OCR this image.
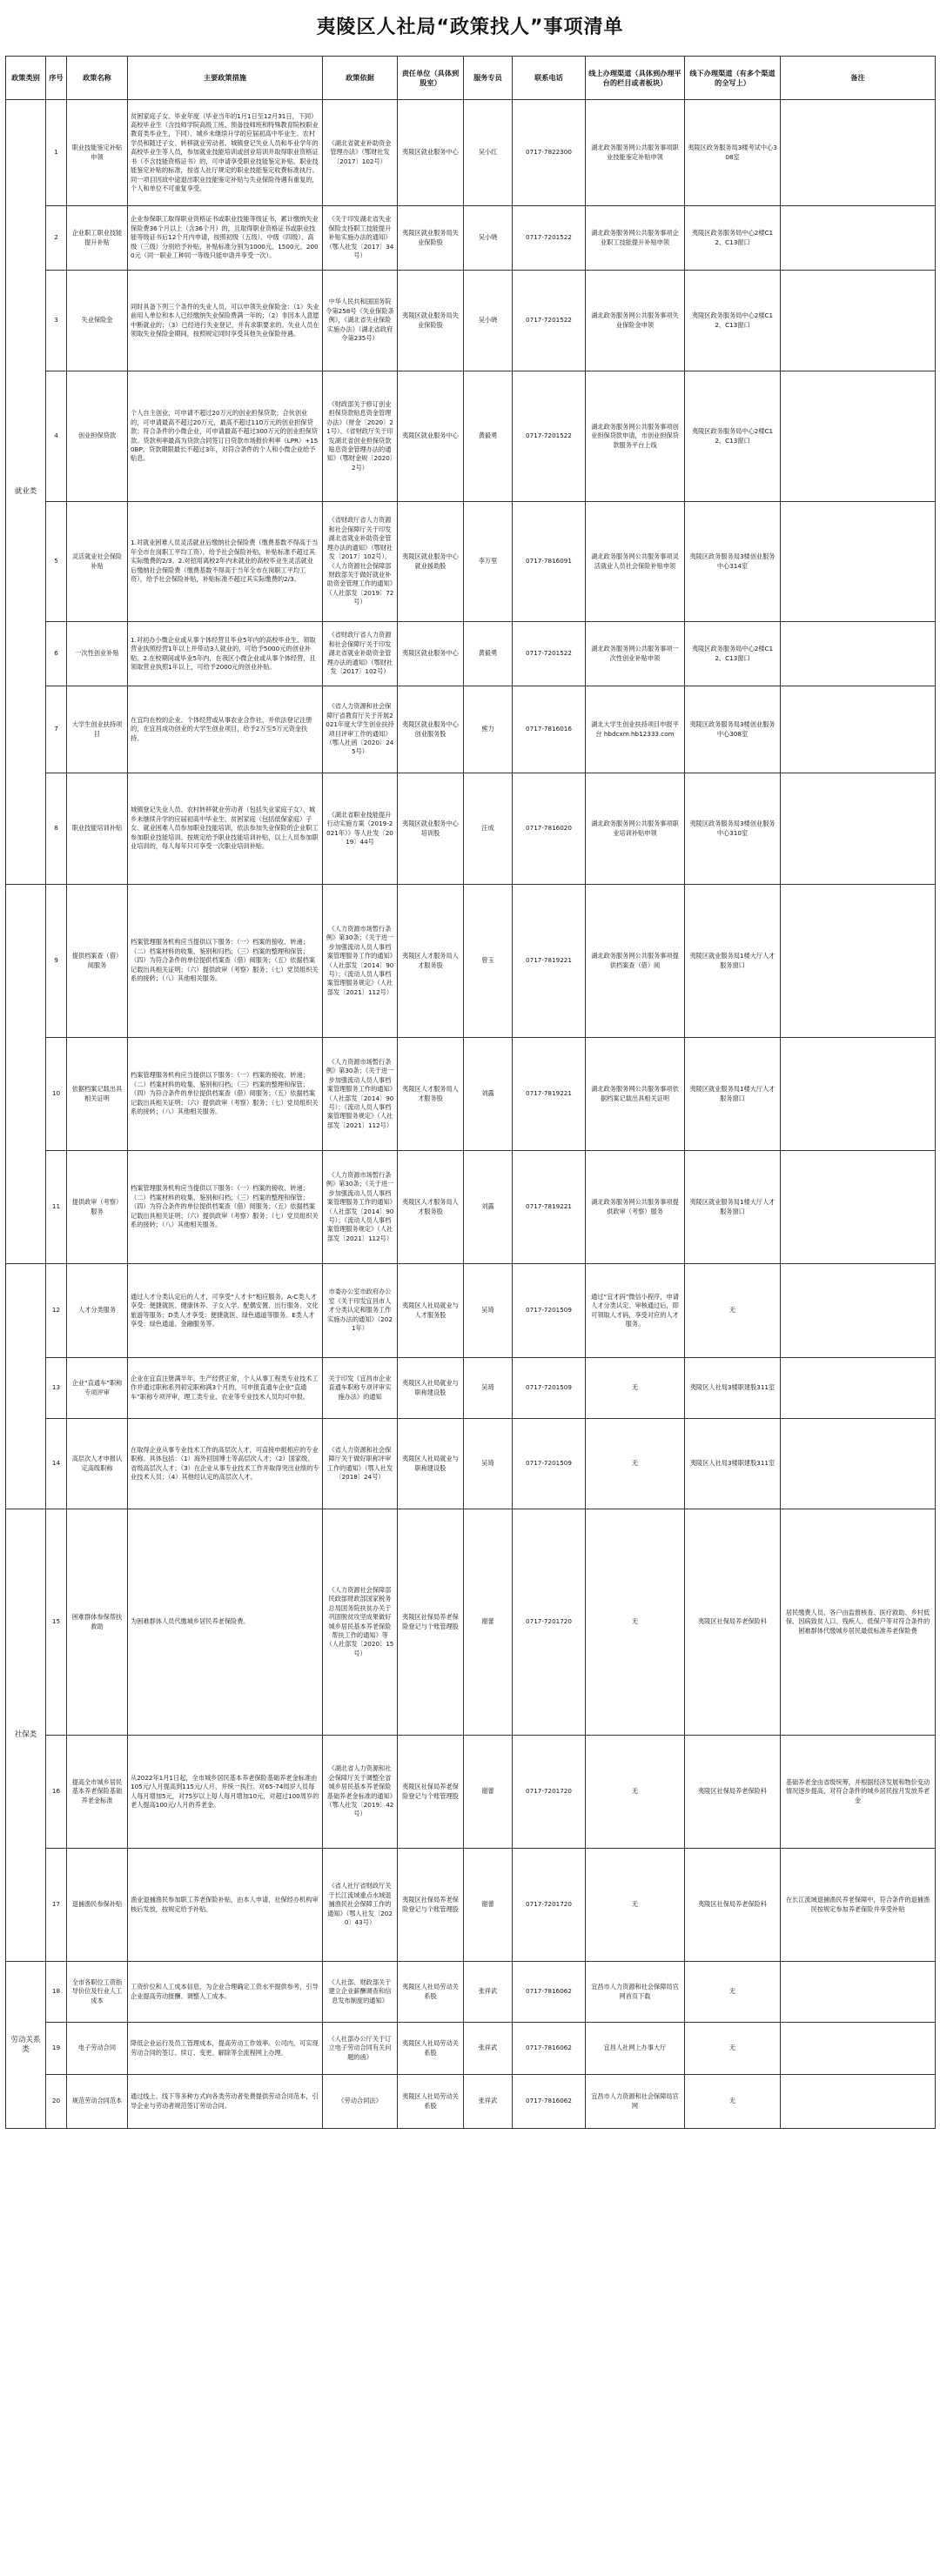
夷陵区人社局“政策找人”事项清单
政策类别	序号	政策名称	主要政策措施	政策依据	责任单位（具体到股室）	服务专员	联系电话	线上办理渠道（具体到办理平台的栏目或者板块）	线下办理渠道（有多个渠道的全写上）	备注
就业类	1	职业技能鉴定补贴申领	贫困家庭子女、毕业年度（毕业当年的1月1日至12月31日，下同）高校毕业生（含技师学院高级工班、预备技师班和特殊教育院校职业教育类毕业生，下同）、城乡未继续升学的应届初高中毕业生、农村学员和随迁子女、转移就业劳动者、城镇登记失业人员和毕业学年的高校毕业生等人员，参加就业技能培训或创业培训并取得职业资格证书（不含技能资格证书）的，可申请享受职业技能鉴定补贴。职业技能鉴定补贴的标准，按省人社厅规定的职业技能鉴定收费标准执行。同一项目因故中途退出职业技能鉴定补贴与失业保险待遇有重复的，个人和单位不可重复享受。	《湖北省就业补助资金管理办法》（鄂财社发〔2017〕102号）	夷陵区就业服务中心	吴小红	0717-7822300	湖北政务服务网公共服务事项职业技能鉴定补贴申领	夷陵区政务服务局3楼考试中心308室	
	2	企业职工职业技能提升补贴	企业参保职工取得职业资格证书或职业技能等级证书，累计缴纳失业保险费36个月以上（含36个月）的，且取得职业资格证书或职业技能等级证书后12个月内申请，按照初级（五级）、中级（四级）、高级（三级）分别给予补贴，补贴标准分别为1000元、1500元、2000元（同一职业工种同一等级只能申请并享受一次）。	《关于印发湖北省失业保险支持职工技能提升补贴实施办法的通知》（鄂人社发〔2017〕34号）	夷陵区就业服务局失业保险股	吴小晓	0717-7201522	湖北政务服务网公共服务事项企业职工技能提升补贴申领	夷陵区政务服务局中心2楼C12、C13窗口	
	3	失业保险金	同时具备下列三个条件的失业人员，可以申领失业保险金：（1）失业前用人单位和本人已经缴纳失业保险费满一年的；（2）非因本人意愿中断就业的；（3）已经进行失业登记，并有求职要求的。失业人员在领取失业保险金期间，按照规定同时享受其他失业保险待遇。	中华人民共和国国务院令第258号《失业保险条例》，《湖北省失业保险实施办法》（湖北省政府令第235号）	夷陵区就业服务局失业保险股	吴小晓	0717-7201522	湖北政务服务网公共服务事项失业保险金申领	夷陵区政务服务局中心2楼C12、C13窗口	
	4	创业担保贷款	个人自主创业，可申请不超过20万元的创业担保贷款；合伙创业的，可申请最高不超过20万元，最高不超过110万元的创业担保贷款；符合条件的小微企业，可申请最高不超过300万元的创业担保贷款。贷款利率最高为贷款合同签订日贷款市场报价利率（LPR）+150BP，贷款期限最长不超过3年，对符合条件的个人和小微企业给予贴息。	《财政部关于修订创业担保贷款贴息资金管理办法》（财金〔2020〕21号）、《省财政厅关于印发湖北省创业担保贷款贴息资金管理办法的通知》（鄂财金规〔2020〕2号）	夷陵区就业服务中心	黄毅勇	0717-7201522	湖北政务服务网公共服务事项创业担保贷款申请，市创业担保贷款服务平台上线	夷陵区政务服务局中心2楼C12、C13窗口	
	5	灵活就业社会保险补贴	1.对就业困难人员灵活就业后缴纳社会保险费（缴费基数不得高于当年全市在岗职工平均工资），给予社会保险补贴，补贴标准不超过其实际缴费的2/3。2.对招用离校2年内未就业的高校毕业生灵活就业后缴纳社会保险费（缴费基数不得高于当年全市在岗职工平均工资），给予社会保险补贴，补贴标准不超过其实际缴费的2/3。	《省财政厅省人力资源和社会保障厅关于印发湖北省就业补助资金管理办法的通知》（鄂财社发〔2017〕102号），《人力资源社会保障部财政部关于做好就业补助资金管理工作的通知》（人社部发〔2019〕72号）	夷陵区就业服务中心就业援助股	李万里	0717-7816091	湖北政务服务网公共服务事项灵活就业人员社会保险补贴申领	夷陵区政务服务局3楼创业服务中心314室	
	6	一次性创业补贴	1.对初办小微企业或从事个体经营且毕业5年内的高校毕业生、领取营业执照经营1年以上并带动3人就业的，可给予5000元的创业补贴。2.在校期间或毕业5年内，在我区小微企业或从事个体经营，且领取营业执照1年以上，可给予2000元的创业补贴。	《省财政厅省人力资源和社会保障厅关于印发湖北省就业补助资金管理办法的通知》（鄂财社发〔2017〕102号）	夷陵区就业服务中心	黄毅勇	0717-7201522	湖北政务服务网公共服务事项一次性创业补贴申领	夷陵区政务服务局中心2楼C12、C13窗口	
	7	大学生创业扶持项目	在宜均在校的企业、个体经营或从事农业合作社、并依法登记注册的，在宜昌成功创业的大学生创业项目，给予2万至5万元资金扶持。	《省人力资源和社会保障厅省教育厅关于开展2021年度大学生创业扶持项目评审工作的通知》（鄂人社函〔2020〕245号）	夷陵区就业服务中心创业服务股	熊力	0717-7816016	湖北大学生创业扶持项目申报平台 hbdcxm.hb12333.com	夷陵区政务服务局3楼创业服务中心308室	
	8	职业技能培训补贴	城镇登记失业人员、农村转移就业劳动者（包括失业家庭子女）、城乡未继续升学的应届初高中毕业生、贫困家庭（包括低保家庭）子女、就业困难人员参加职业技能培训，依法参加失业保险的企业职工参加职业技能培训。按规定给予职业技能培训补贴，以上人员参加职业培训的，每人每年只可享受一次职业培训补贴。	《湖北省职业技能提升行动实施方案（2019-2021年）》等人社发〔2019〕44号	夷陵区就业服务中心培训股	汪成	0717-7816020	湖北政务服务网公共服务事项职业培训补贴申领	夷陵区政务服务局3楼创业服务中心310室	
	9	提供档案查（借）阅服务	档案管理服务机构应当提供以下服务：（一）档案的接收、转递；（二）档案材料的收集、鉴别和归档；（三）档案的整理和保管；（四）为符合条件的单位提供档案查（借）阅服务；（五）依据档案记载出具相关证明；（六）提供政审（考察）服务；（七）党员组织关系的接转；（八）其他相关服务。	《人力资源市场暂行条例》第30条；《关于进一步加强流动人员人事档案管理服务工作的通知》（人社部发〔2014〕90号）；《流动人员人事档案管理服务规定》（人社部发〔2021〕112号）	夷陵区人才服务局人才服务股	曾玉	0717-7819221	湖北政务服务网公共服务事项提供档案查（借）阅	夷陵区就业服务局1楼大厅人才服务窗口	
	10	依据档案记载出具相关证明	档案管理服务机构应当提供以下服务：（一）档案的接收、转递；（二）档案材料的收集、鉴别和归档；（三）档案的整理和保管；（四）为符合条件的单位提供档案查（借）阅服务；（五）依据档案记载出具相关证明；（六）提供政审（考察）服务；（七）党员组织关系的接转；（八）其他相关服务。	《人力资源市场暂行条例》第30条；《关于进一步加强流动人员人事档案管理服务工作的通知》（人社部发〔2014〕90号）；《流动人员人事档案管理服务规定》（人社部发〔2021〕112号）	夷陵区人才服务局人才服务股	刘露	0717-7819221	湖北政务服务网公共服务事项依据档案记载出具相关证明	夷陵区就业服务局1楼大厅人才服务窗口	
	11	提供政审（考察）服务	档案管理服务机构应当提供以下服务：（一）档案的接收、转递；（二）档案材料的收集、鉴别和归档；（三）档案的整理和保管；（四）为符合条件的单位提供档案查（借）阅服务；（五）依据档案记载出具相关证明；（六）提供政审（考察）服务；（七）党员组织关系的接转；（八）其他相关服务。	《人力资源市场暂行条例》第30条；《关于进一步加强流动人员人事档案管理服务工作的通知》（人社部发〔2014〕90号）；《流动人员人事档案管理服务规定》（人社部发〔2021〕112号）	夷陵区人才服务局人才服务股	刘露	0717-7819221	湖北政务服务网公共服务事项提供政审（考察）服务	夷陵区就业服务局1楼大厅人才服务窗口	
	12	人才分类服务	通过人才分类认定后的人才，可享受“人才卡”相应服务。A-C类人才享受：便捷就医、健康休养、子女入学、配偶安置、出行服务、文化旅游等服务；D类人才享受：便捷就医、绿色通道等服务。E类人才享受：绿色通道、金融服务等。	市委办公室市政府办公室《关于印发宜昌市人才分类认定和服务工作实施办法的通知》（2021年）	夷陵区人社局就业与人才服务股	吴琦	0717-7201509	通过“宜才码”微信小程序，申请人才分类认定、审核通过后，即可领取人才码，享受对应的人才服务。	无	
	13	企业“直通车”职称专项评审	企业在宜直注册满半年，生产经营正常，个人从事工程类专业技术工作并通过职称系列初定职称满3个月的，可申报直通车企业“直通车”职称专项评审，理工类专业、农业等专业技术人员均可申报。	关于印发《宜昌市企业直通车职称专项评审实施办法》的通知	夷陵区人社局就业与职称建设股	吴琦	0717-7201509	无	夷陵区人社局3楼职建股311室	
	14	高层次人才申报认定高级职称	在取得企业从事专业技术工作的高层次人才，可直接申报相应的专业职称。具体包括：（1）海外回国博士等高层次人才；（2）国家级、省级高层次人才；（3）在企业从事专业技术工作并取得突出业绩的专业技术人员；（4）其他经认定的高层次人才。	《省人力资源和社会保障厅关于做好职称评审工作的通知》（鄂人社发〔2018〕24号）	夷陵区人社局就业与职称建设股	吴琦	0717-7201509	无	夷陵区人社局3楼职建股311室	
社保类	15	困难群体参保帮扶救助	为困难群体人员代缴城乡居民养老保险费。	《人力资源社会保障部民政部财政部国家税务总局国务院扶贫办关于巩固脱贫攻坚成果做好城乡居民基本养老保险帮扶工作的通知》等（人社部发〔2020〕15号）	夷陵区社保局养老保险登记与个账管理股	谢蕾	0717-7201720	无	夷陵区社保局养老保险科	居民缴费人员、各户由监督核查、医疗救助、乡村低保、因病致贫人口、残疾人、低保户等对符合条件的困难群体代缴城乡居民最低标准养老保险费
	16	提高全市城乡居民基本养老保险基础养老金标准	从2022年1月1日起，全市城乡居民基本养老保险基础养老金标准由105元/人月提高到115元/人月，并统一执行。对65-74周岁人员每人每月增加5元，对75岁以上每人每月增加10元，对超过100周岁的老人提高100元/人月的养老金。	《湖北省人力资源和社会保障厅关于调整全省城乡居民基本养老保险基础养老金标准的通知》（鄂人社发〔2019〕42号）	夷陵区社保局养老保险登记与个账管理股	谢蕾	0717-7201720	无	夷陵区社保局养老保险科	基础养老金由省级统筹，并根据经济发展和物价变动情况逐步提高，对符合条件的城乡居民按月发放养老金
	17	退捕渔民参保补贴	渔业退捕渔民参加职工养老保险补贴，由本人申请，社保经办机构审核后发放，按规定给予补贴。	《省人社厅省财政厅关于长江流域重点水域退捕渔民社会保障工作的通知》（鄂人社发〔2020〕43号）	夷陵区社保局养老保险登记与个账管理股	谢蕾	0717-7201720	无	夷陵区社保局养老保险科	在长江流域退捕渔民养老保障中，符合条件的退捕渔民按规定参加养老保险并享受补贴
劳动关系类	18	全市各职位工资指导价位及行业人工成本	工资价位和人工成本信息，为企业合理确定工资水平提供参考，引导企业提高劳动报酬、调整人工成本。	《人社部、财政部关于建立企业薪酬调查和信息发布制度的通知》	夷陵区人社局劳动关系股	张祥武	0717-7816062	宜昌市人力资源和社会保障局官网首页下载	无	
	19	电子劳动合同	降低企业运行及员工管理成本，提高劳动工作效率。公司内，可实现劳动合同的签订、续订、变更、解除等全流程网上办理。	《人社部办公厅关于订立电子劳动合同有关问题的函》	夷陵区人社局劳动关系股	张祥武	0717-7816062	宜昌人社网上办事大厅	无	
	20	规范劳动合同范本	通过线上、线下等多种方式向各类劳动者免费提供劳动合同范本，引导企业与劳动者规范签订劳动合同。	《劳动合同法》	夷陵区人社局劳动关系股	张祥武	0717-7816062	宜昌市人力资源和社会保障局官网	无	
